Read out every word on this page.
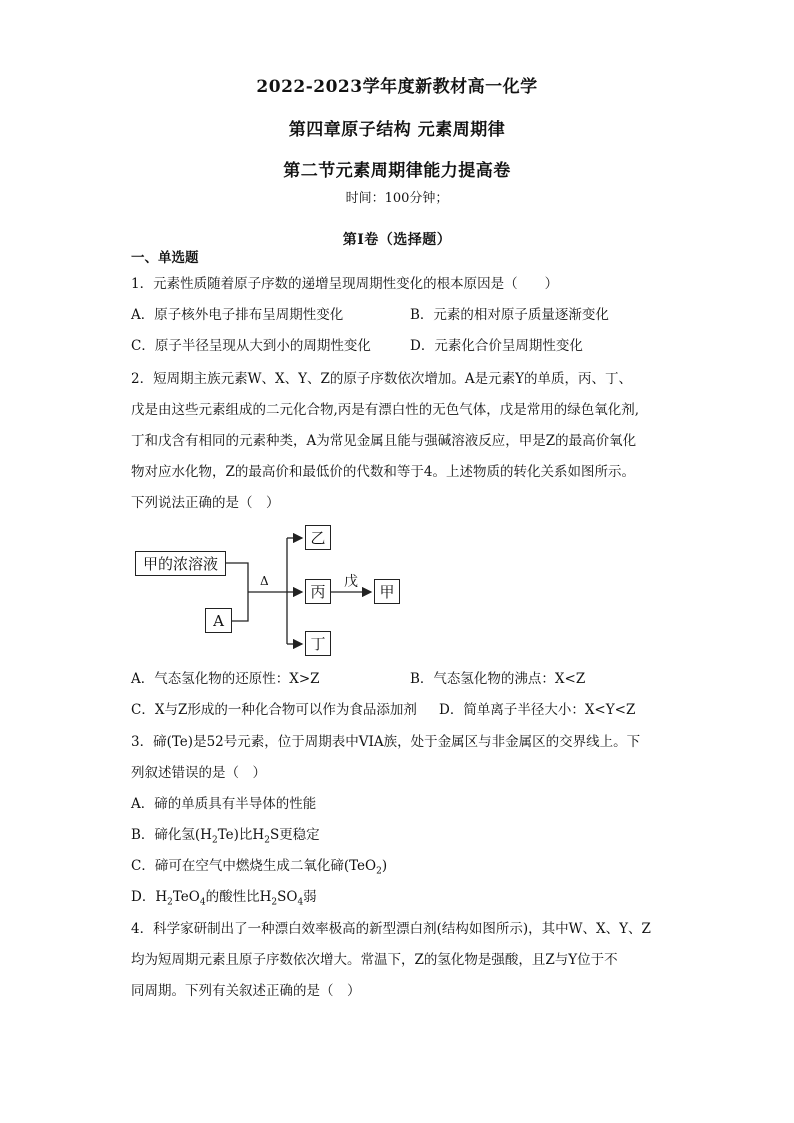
2022-2023学年度新教材高一化学
第四章原子结构 元素周期律
第二节元素周期律能力提高卷
时间：100分钟；
第I卷（选择题）
一、单选题
1．元素性质随着原子序数的递增呈现周期性变化的根本原因是（　　）
A．原子核外电子排布呈周期性变化	B．元素的相对原子质量逐渐变化
C．原子半径呈现从大到小的周期性变化	D．元素化合价呈周期性变化
2．短周期主族元素W、X、Y、Z的原子序数依次增加。A是元素Y的单质，丙、丁、
戊是由这些元素组成的二元化合物,丙是有漂白性的无色气体，戊是常用的绿色氧化剂,
丁和戊含有相同的元素种类，A为常见金属且能与强碱溶液反应，甲是Z的最高价氧化
物对应水化物，Z的最高价和最低价的代数和等于4。上述物质的转化关系如图所示。
下列说法正确的是（　）
甲的浓溶液
A
乙
丙
丁
甲
Δ	戊
A．气态氢化物的还原性：X>Z	B．气态氢化物的沸点：X<Z
C．X与Z形成的一种化合物可以作为食品添加剂 D．简单离子半径大小：X<Y<Z
3．碲(Te)是52号元素，位于周期表中VIA族，处于金属区与非金属区的交界线上。下
列叙述错误的是（　）
A．碲的单质具有半导体的性能
B．碲化氢$(H_2Te)$比$H_2S$更稳定
C．碲可在空气中燃烧生成二氧化碲(TeO$_2$)
D．$H_2TeO_4$的酸性比$H_2SO_4$弱
4．科学家研制出了一种漂白效率极高的新型漂白剂(结构如图所示)，其中W、X、Y、Z
均为短周期元素且原子序数依次增大。常温下，Z的氢化物是强酸，且Z与Y位于不
同周期。下列有关叙述正确的是（　）
